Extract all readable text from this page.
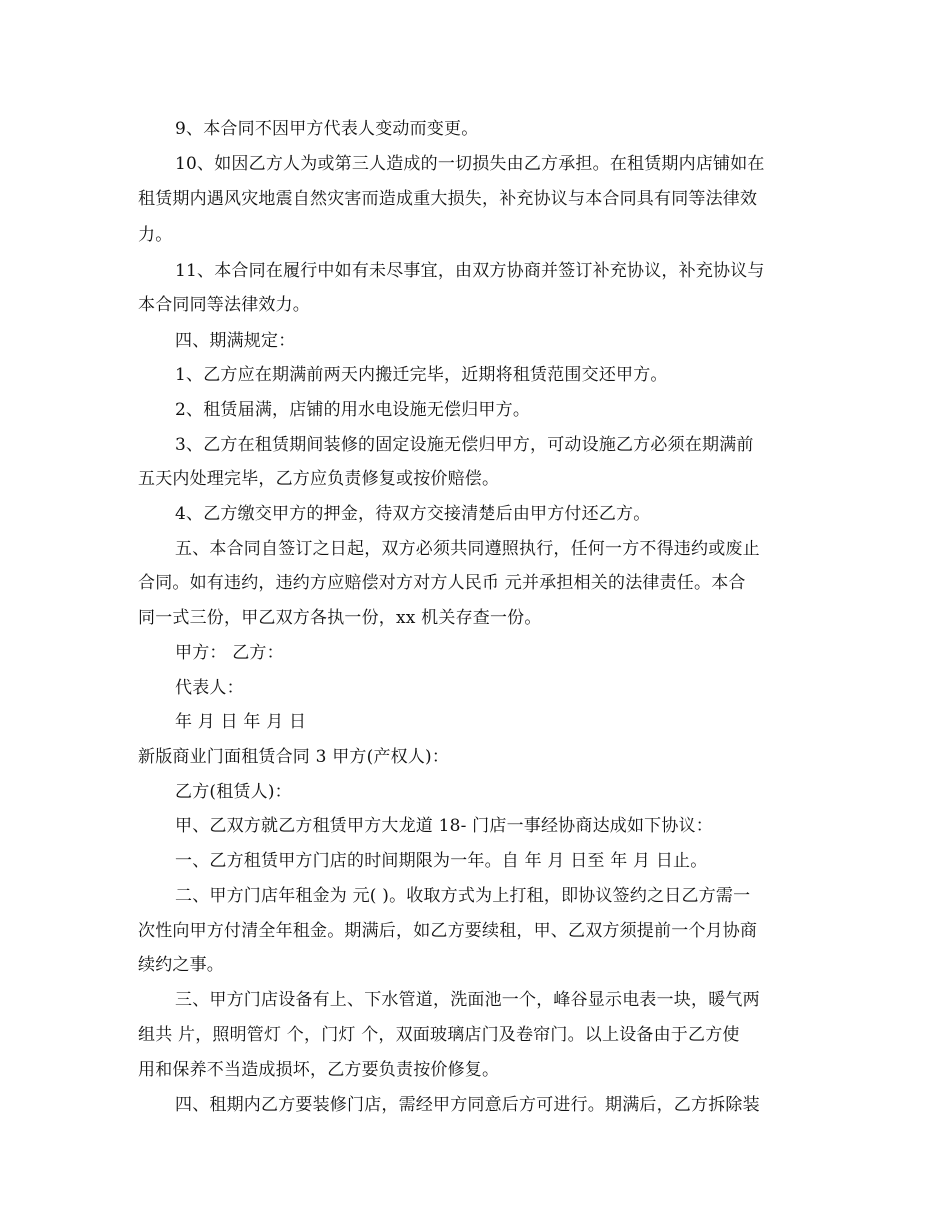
9、本合同不因甲方代表人变动而变更。
10、如因乙方人为或第三人造成的一切损失由乙方承担。在租赁期内店铺如在
租赁期内遇风灾地震自然灾害而造成重大损失，补充协议与本合同具有同等法律效
力。
11、本合同在履行中如有未尽事宜，由双方协商并签订补充协议，补充协议与
本合同同等法律效力。
四、期满规定：
1、乙方应在期满前两天内搬迁完毕，近期将租赁范围交还甲方。
2、租赁届满，店铺的用水电设施无偿归甲方。
3、乙方在租赁期间装修的固定设施无偿归甲方，可动设施乙方必须在期满前
五天内处理完毕，乙方应负责修复或按价赔偿。
4、乙方缴交甲方的押金，待双方交接清楚后由甲方付还乙方。
五、本合同自签订之日起，双方必须共同遵照执行，任何一方不得违约或废止
合同。如有违约，违约方应赔偿对方对方人民币 元并承担相关的法律责任。本合
同一式三份，甲乙双方各执一份，xx 机关存查一份。
甲方： 乙方：
代表人：
年 月 日 年 月 日
新版商业门面租赁合同 3 甲方(产权人)：
乙方(租赁人)：
甲、乙双方就乙方租赁甲方大龙道 18- 门店一事经协商达成如下协议：
一、乙方租赁甲方门店的时间期限为一年。自 年 月 日至 年 月 日止。
二、甲方门店年租金为 元( )。收取方式为上打租，即协议签约之日乙方需一
次性向甲方付清全年租金。期满后，如乙方要续租，甲、乙双方须提前一个月协商
续约之事。
三、甲方门店设备有上、下水管道，洗面池一个，峰谷显示电表一块，暖气两
组共 片，照明管灯 个，门灯 个，双面玻璃店门及卷帘门。以上设备由于乙方使
用和保养不当造成损坏，乙方要负责按价修复。
四、租期内乙方要装修门店，需经甲方同意后方可进行。期满后，乙方拆除装
